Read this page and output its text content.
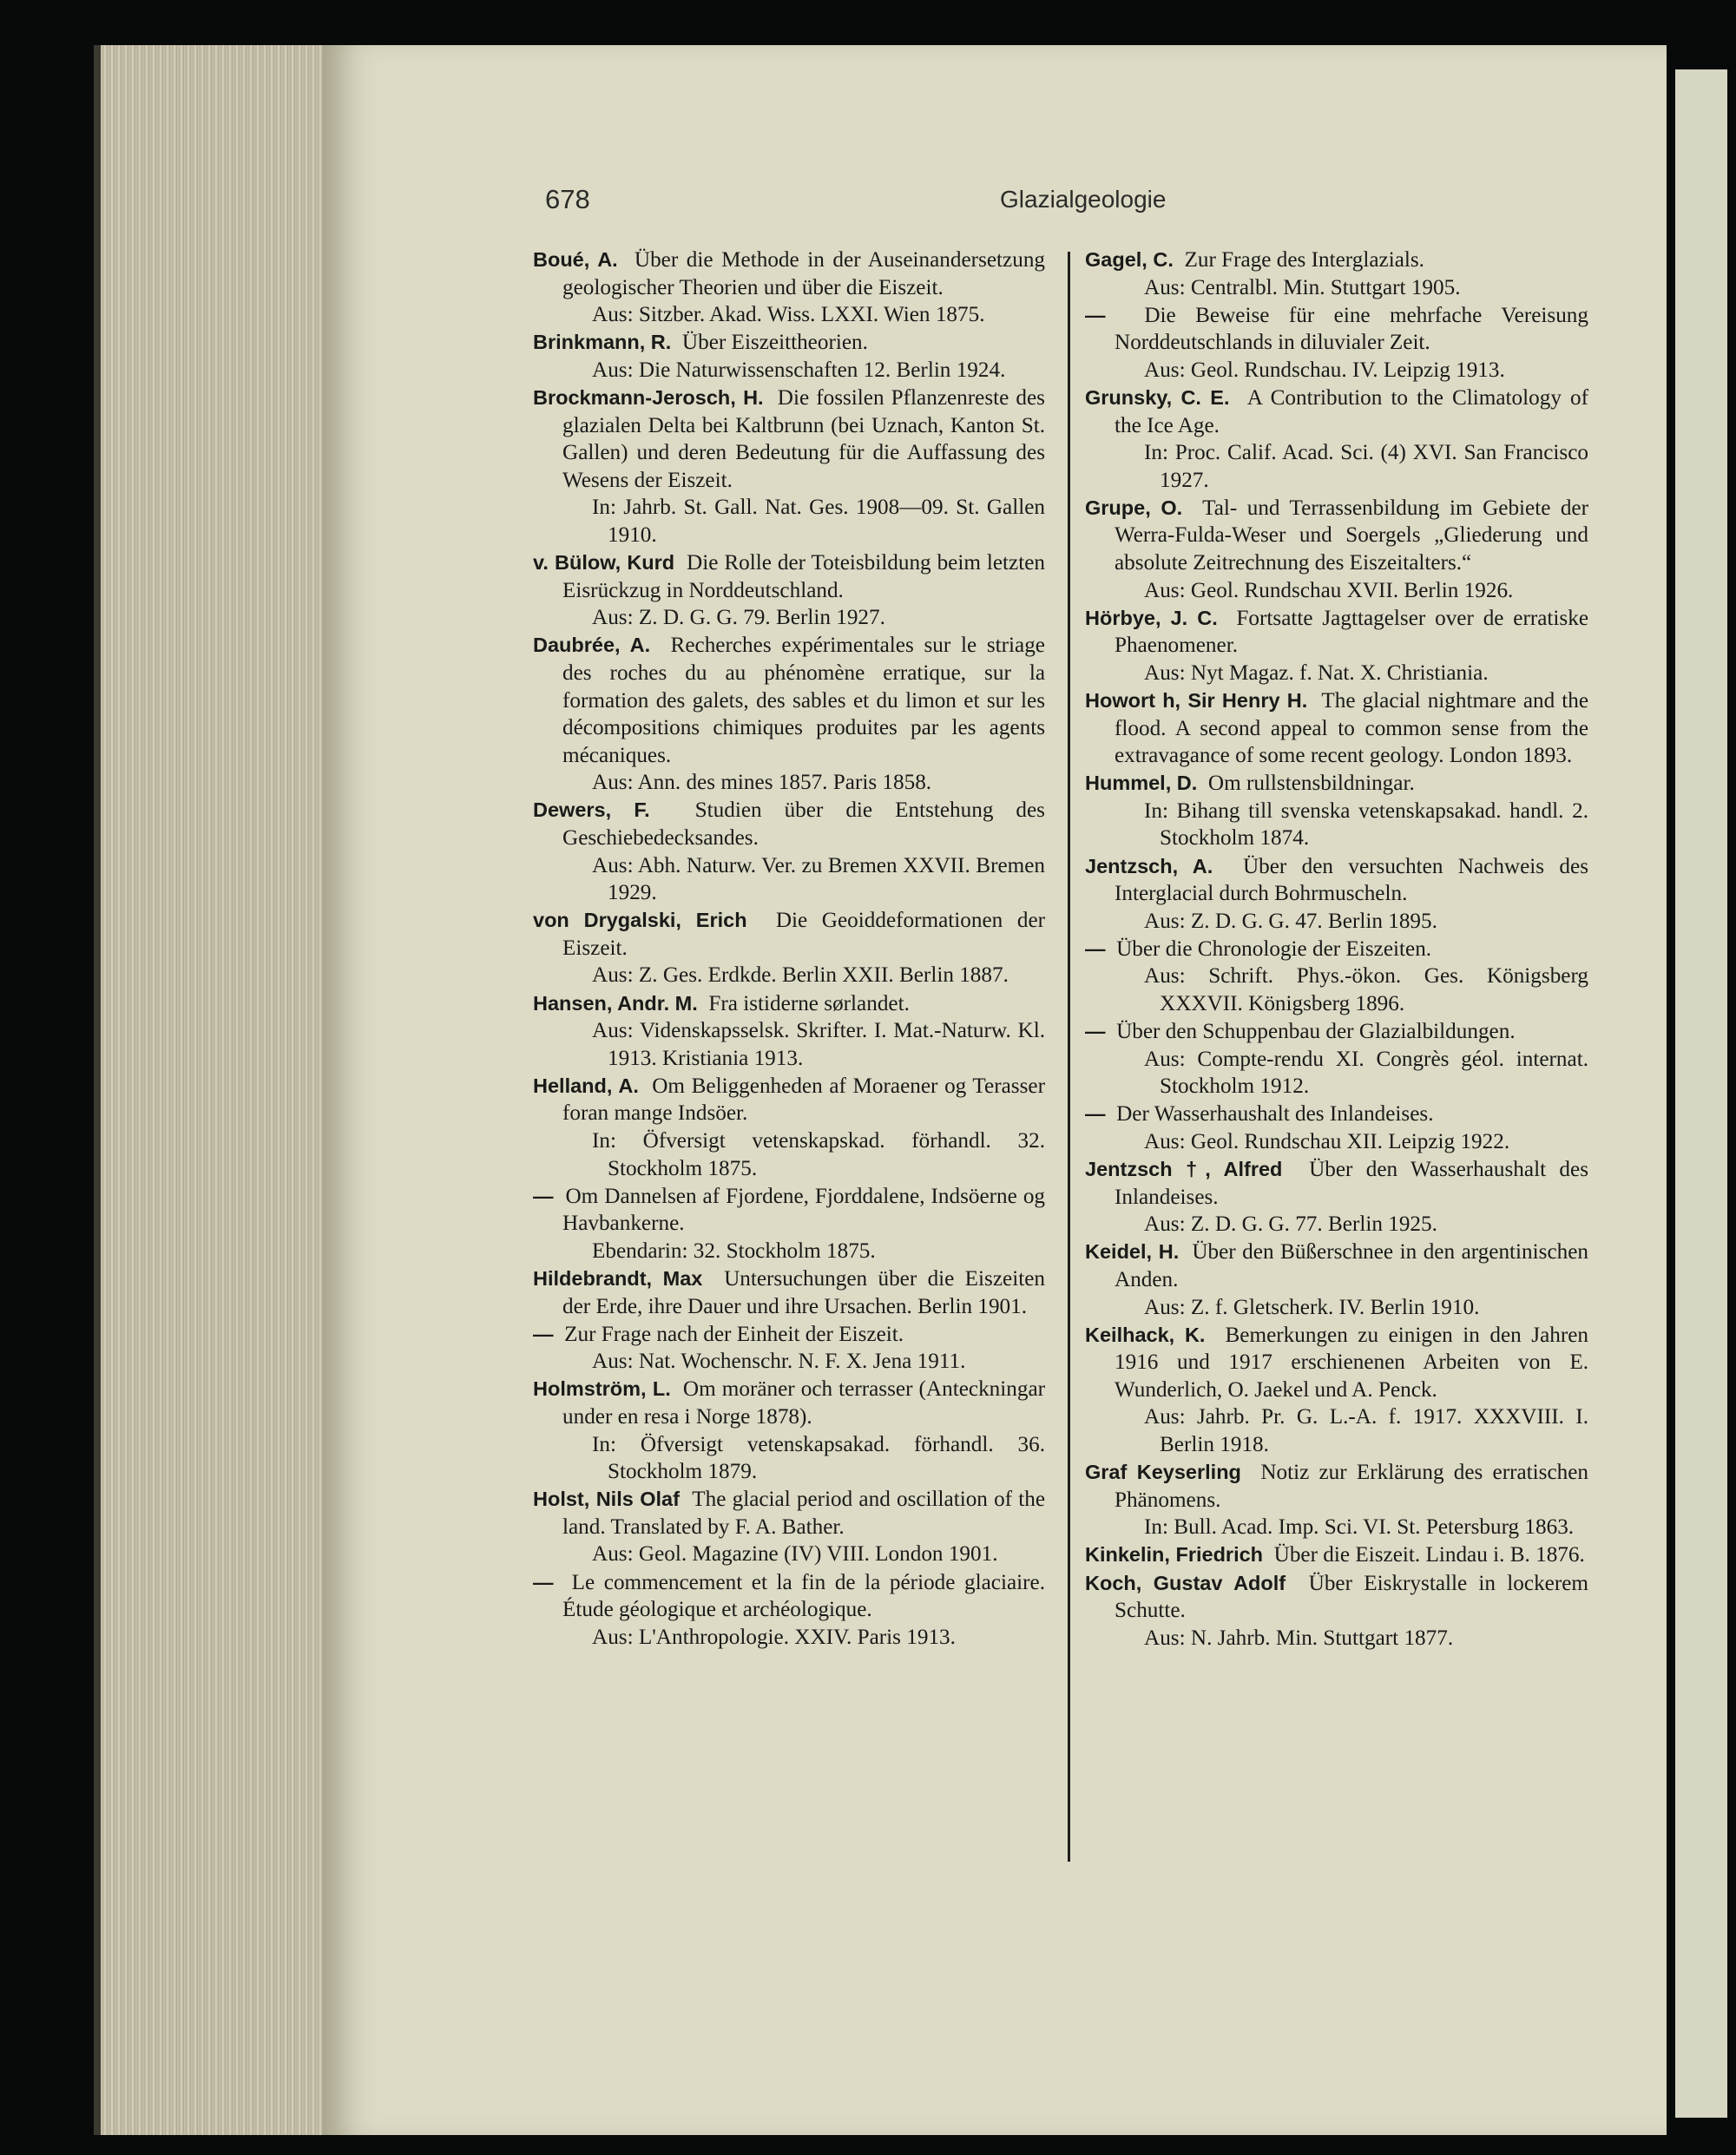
678	Glazialgeologie
Boué, A. Über die Methode in der Auseinandersetzung geologischer Theorien und über die Eiszeit.
Aus: Sitzber. Akad. Wiss. LXXI. Wien 1875.
Brinkmann, R. Über Eiszeittheorien.
Aus: Die Naturwissenschaften 12. Berlin 1924.
Brockmann-Jerosch, H. Die fossilen Pflanzenreste des glazialen Delta bei Kaltbrunn (bei Uznach, Kanton St. Gallen) und deren Bedeutung für die Auffassung des Wesens der Eiszeit.
In: Jahrb. St. Gall. Nat. Ges. 1908—09. St. Gallen 1910.
v. Bülow, Kurd Die Rolle der Toteisbildung beim letzten Eisrückzug in Norddeutschland.
Aus: Z. D. G. G. 79. Berlin 1927.
Daubrée, A. Recherches expérimentales sur le striage des roches du au phénomène erratique, sur la formation des galets, des sables et du limon et sur les décompositions chimiques produites par les agents mécaniques.
Aus: Ann. des mines 1857. Paris 1858.
Dewers, F. Studien über die Entstehung des Geschiebedecksandes.
Aus: Abh. Naturw. Ver. zu Bremen XXVII. Bremen 1929.
von Drygalski, Erich Die Geoiddeformationen der Eiszeit.
Aus: Z. Ges. Erdkde. Berlin XXII. Berlin 1887.
Hansen, Andr. M. Fra istiderne sørlandet.
Aus: Videnskapsselsk. Skrifter. I. Mat.-Naturw. Kl. 1913. Kristiania 1913.
Helland, A. Om Beliggenheden af Moraener og Terasser foran mange Indsöer.
In: Öfversigt vetenskapskad. förhandl. 32. Stockholm 1875.
— Om Dannelsen af Fjordene, Fjorddalene, Indsöerne og Havbankerne.
Ebendarin: 32. Stockholm 1875.
Hildebrandt, Max Untersuchungen über die Eiszeiten der Erde, ihre Dauer und ihre Ursachen. Berlin 1901.
— Zur Frage nach der Einheit der Eiszeit.
Aus: Nat. Wochenschr. N. F. X. Jena 1911.
Holmström, L. Om moräner och terrasser (Anteckningar under en resa i Norge 1878).
In: Öfversigt vetenskapsakad. förhandl. 36. Stockholm 1879.
Holst, Nils Olaf The glacial period and oscillation of the land. Translated by F. A. Bather.
Aus: Geol. Magazine (IV) VIII. London 1901.
— Le commencement et la fin de la période glaciaire. Étude géologique et archéologique.
Aus: L'Anthropologie. XXIV. Paris 1913.
Gagel, C. Zur Frage des Interglazials.
Aus: Centralbl. Min. Stuttgart 1905.
— Die Beweise für eine mehrfache Vereisung Norddeutschlands in diluvialer Zeit.
Aus: Geol. Rundschau. IV. Leipzig 1913.
Grunsky, C. E. A Contribution to the Climatology of the Ice Age.
In: Proc. Calif. Acad. Sci. (4) XVI. San Francisco 1927.
Grupe, O. Tal- und Terrassenbildung im Gebiete der Werra-Fulda-Weser und Soergels „Gliederung und absolute Zeitrechnung des Eiszeitalters.“
Aus: Geol. Rundschau XVII. Berlin 1926.
Hörbye, J. C. Fortsatte Jagttagelser over de erratiske Phaenomener.
Aus: Nyt Magaz. f. Nat. X. Christiania.
Howort h, Sir Henry H. The glacial nightmare and the flood. A second appeal to common sense from the extravagance of some recent geology. London 1893.
Hummel, D. Om rullstensbildningar.
In: Bihang till svenska vetenskapsakad. handl. 2. Stockholm 1874.
Jentzsch, A. Über den versuchten Nachweis des Interglacial durch Bohrmuscheln.
Aus: Z. D. G. G. 47. Berlin 1895.
— Über die Chronologie der Eiszeiten.
Aus: Schrift. Phys.-ökon. Ges. Königsberg XXXVII. Königsberg 1896.
— Über den Schuppenbau der Glazialbildungen.
Aus: Compte-rendu XI. Congrès géol. internat. Stockholm 1912.
— Der Wasserhaushalt des Inlandeises.
Aus: Geol. Rundschau XII. Leipzig 1922.
Jentzsch †, Alfred Über den Wasserhaushalt des Inlandeises.
Aus: Z. D. G. G. 77. Berlin 1925.
Keidel, H. Über den Büßerschnee in den argentinischen Anden.
Aus: Z. f. Gletscherk. IV. Berlin 1910.
Keilhack, K. Bemerkungen zu einigen in den Jahren 1916 und 1917 erschienenen Arbeiten von E. Wunderlich, O. Jaekel und A. Penck.
Aus: Jahrb. Pr. G. L.-A. f. 1917. XXXVIII. I. Berlin 1918.
Graf Keyserling Notiz zur Erklärung des erratischen Phänomens.
In: Bull. Acad. Imp. Sci. VI. St. Petersburg 1863.
Kinkelin, Friedrich Über die Eiszeit. Lindau i. B. 1876.
Koch, Gustav Adolf Über Eiskrystalle in lockerem Schutte.
Aus: N. Jahrb. Min. Stuttgart 1877.
